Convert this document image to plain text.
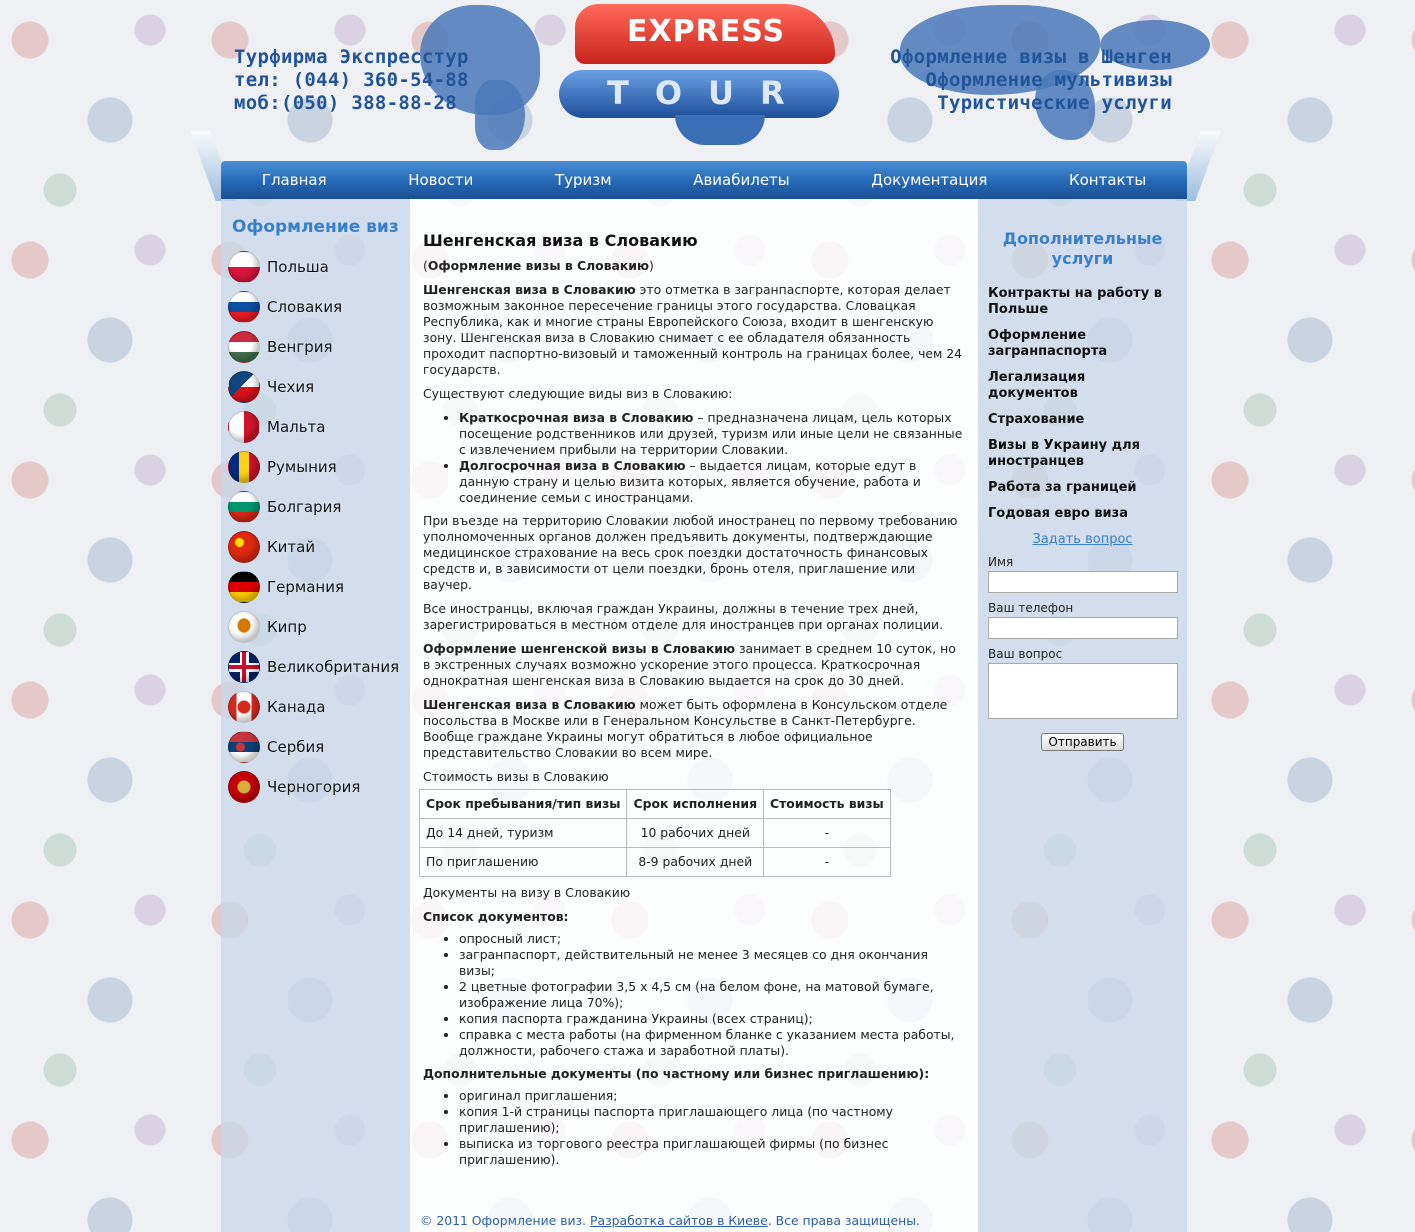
Турфирма Экспресстур
тел: (044) 360-54-88
моб:(050) 388-88-28
EXPRESS
TOUR
Оформление визы в Шенген
Оформление мультивизы
Туристические услуги
Главная	Новости	Туризм	Авиабилеты	Документация	Контакты
Оформление виз
Польша
Словакия
Венгрия
Чехия
Мальта
Румыния
Болгария
Китай
Германия
Кипр
Великобритания
Канада
Сербия
Черногория
Шенгенская виза в Словакию

(Оформление визы в Словакию)

Шенгенская виза в Словакию это отметка в загранпаспорте, которая делает возможным законное пересечение границы этого государства. Словацкая Республика, как и многие страны Европейского Союза, входит в шенгенскую зону. Шенгенская виза в Словакию снимает с ее обладателя обязанность проходит паспортно-визовый и таможенный контроль на границах более, чем 24 государств.

Существуют следующие виды виз в Словакию:

• Краткосрочная виза в Словакию – предназначена лицам, цель которых посещение родственников или друзей, туризм или иные цели не связанные с извлечением прибыли на территории Словакии.
• Долгосрочная виза в Словакию – выдается лицам, которые едут в данную страну и целью визита которых, является обучение, работа и соединение семьи с иностранцами.

При въезде на территорию Словакии любой иностранец по первому требованию уполномоченных органов должен предъявить документы, подтверждающие медицинское страхование на весь срок поездки достаточность финансовых средств и, в зависимости от цели поездки, бронь отеля, приглашение или ваучер.

Все иностранцы, включая граждан Украины, должны в течение трех дней, зарегистрироваться в местном отделе для иностранцев при органах полиции.

Оформление шенгенской визы в Словакию занимает в среднем 10 суток, но в экстренных случаях возможно ускорение этого процесса. Краткосрочная однократная шенгенская виза в Словакию выдается на срок до 30 дней.

Шенгенская виза в Словакию может быть оформлена в Консульском отделе посольства в Москве или в Генеральном Консульстве в Санкт-Петербурге. Вообще граждане Украины могут обратиться в любое официальное представительство Словакии во всем мире.

Стоимость визы в Словакию
Срок пребывания/тип визы	Срок исполнения	Стоимость визы
До 14 дней, туризм	10 рабочих дней	-
По приглашению	8-9 рабочих дней	-

Документы на визу в Словакию

Список документов:
• опросный лист;
• загранпаспорт, действительный не менее 3 месяцев со дня окончания визы;
• 2 цветные фотографии 3,5 х 4,5 см (на белом фоне, на матовой бумаге, изображение лица 70%);
• копия паспорта гражданина Украины (всех страниц);
• справка с места работы (на фирменном бланке с указанием места работы, должности, рабочего стажа и заработной платы).
Дополнительные документы (по частному или бизнес приглашению):
• оригинал приглашения;
• копия 1-й страницы паспорта приглашающего лица (по частному приглашению);
• выписка из торгового реестра приглашающей фирмы (по бизнес приглашению).
Дополнительные услуги
Контракты на работу в Польше
Оформление загранпаспорта
Легализация документов
Страхование
Визы в Украину для иностранцев
Работа за границей
Годовая евро виза
Задать вопрос
Имя
Ваш телефон
Ваш вопрос
Отправить
© 2011 Оформление виз. Разработка сайтов в Киеве. Все права защищены.
